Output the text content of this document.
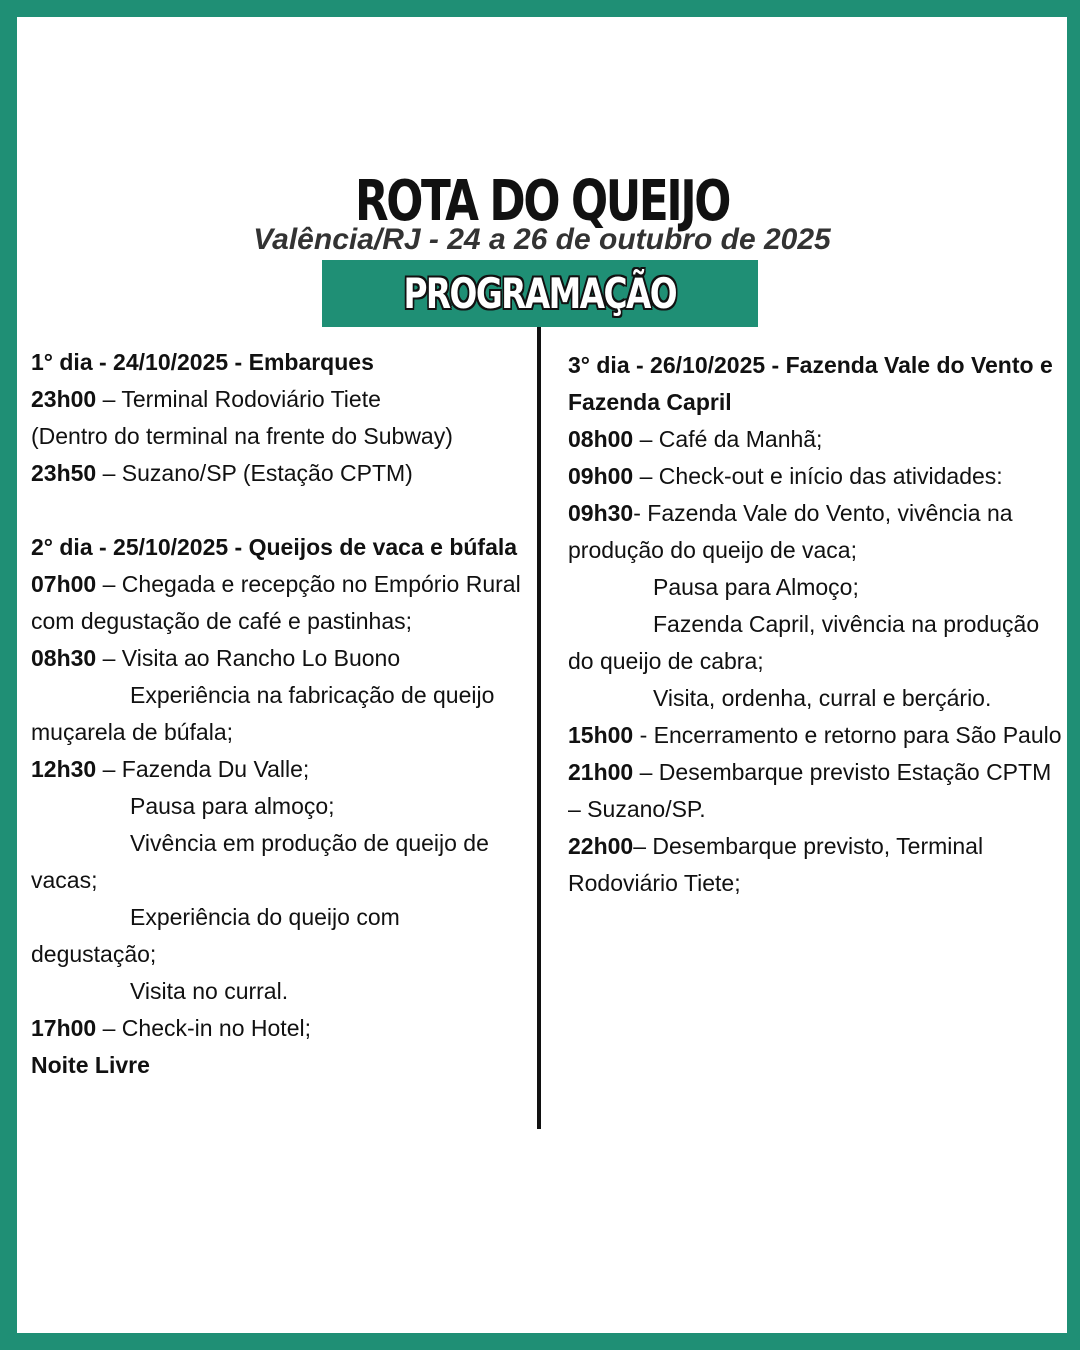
ROTA DO QUEIJO

Valência/RJ - 24 a 26 de outubro de 2025

PROGRAMAÇÃO
1° dia - 24/10/2025 - Embarques
23h00 – Terminal Rodoviário Tiete
(Dentro do terminal na frente do Subway)
23h50 – Suzano/SP (Estação CPTM)
2° dia - 25/10/2025 - Queijos de vaca e búfala
07h00 – Chegada e recepção no Empório Rural com degustação de café e pastinhas;
08h30 – Visita ao Rancho Lo Buono
Experiência na fabricação de queijo muçarela de búfala;
12h30 – Fazenda Du Valle;
Pausa para almoço;
Vivência em produção de queijo de vacas;
Experiência do queijo com degustação;
Visita no curral.
17h00 – Check-in no Hotel;
Noite Livre
3° dia - 26/10/2025 - Fazenda Vale do Vento e Fazenda Capril
08h00 – Café da Manhã;
09h00 – Check-out e início das atividades:
09h30- Fazenda Vale do Vento, vivência na produção do queijo de vaca;
Pausa para Almoço;
Fazenda Capril, vivência na produção do queijo de cabra;
Visita, ordenha, curral e berçário.
15h00 - Encerramento e retorno para São Paulo
21h00 – Desembarque previsto Estação CPTM – Suzano/SP.
22h00– Desembarque previsto, Terminal Rodoviário Tiete;
